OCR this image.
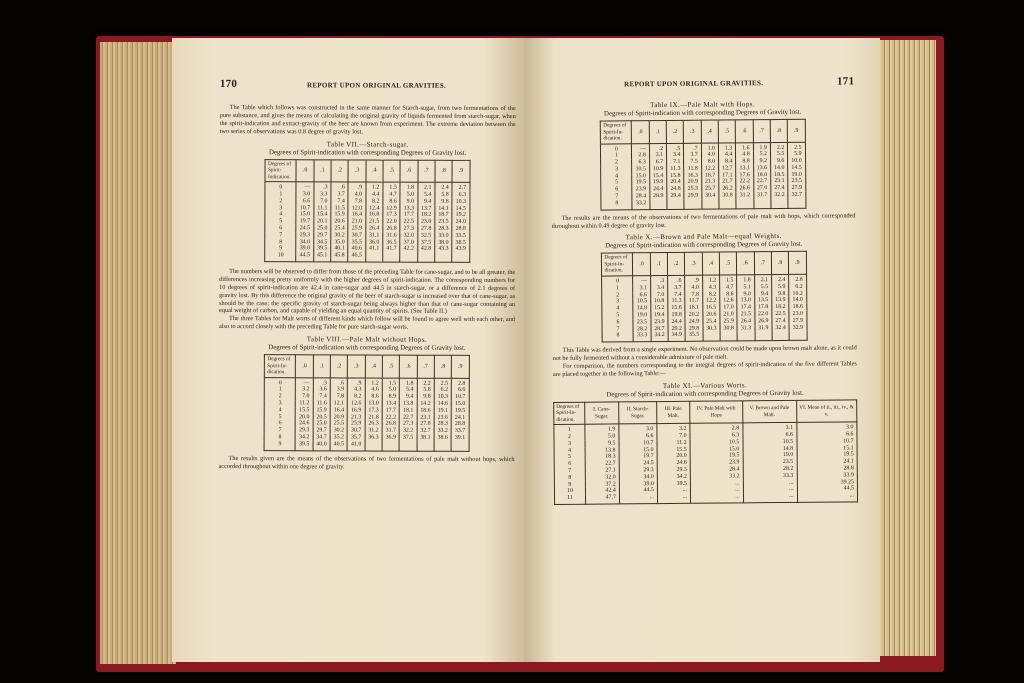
170	REPORT UPON ORIGINAL GRAVITIES.

The Table which follows was constructed in the same manner for Starch-sugar, from two fermentations of the pure substance, and gives the means of calculating the original gravity of liquids fermented from starch-sugar, when the spirit-indication and extract-gravity of the beer are known from experiment. The extreme deviation between the two series of observations was 0.8 degree of gravity lost.

Table VII.—Starch-sugar.
Degrees of Spirit-indication with corresponding Degrees of Gravity lost.
Degrees of Spirit-Indication.	.0	.1	.2	.3	.4	.5	.6	.7	.8	.9
0	—	.3	.6	.9	1.2	1.5	1.8	2.1	2.4	2.7
1	3.0	3.3	3.7	4.0	4.4	4.7	5.0	5.4	5.8	6.3
2	6.6	7.0	7.4	7.8	8.2	8.6	9.0	9.4	9.8	10.3
3	10.7	11.1	11.5	12.0	12.4	12.9	13.3	13.7	14.1	14.5
4	15.0	15.4	15.9	16.4	16.8	17.3	17.7	18.2	18.7	19.2
5	19.7	20.1	20.6	21.0	21.5	22.0	22.5	23.0	23.5	24.0
6	24.5	25.0	25.4	25.9	26.4	26.8	27.3	27.8	28.3	28.8
7	29.3	29.7	30.2	30.7	31.1	31.6	32.0	32.5	33.0	33.5
8	34.0	34.5	35.0	35.5	36.0	36.5	37.0	37.5	38.0	38.5
9	39.0	39.5	40.1	40.6	41.1	41.7	42.2	42.8	43.3	43.9
10	44.5	45.1	45.8	46.5						

The numbers will be observed to differ from those of the preceding Table for cane-sugar, and to be all greater, the differences increasing pretty uniformly with the higher degrees of spirit-indication. The corresponding numbers for 10 degrees of spirit-indication are 42.4 in cane-sugar and 44.5 in starch-sugar, or a difference of 2.1 degrees of gravity lost. By this difference the original gravity of the beer of starch-sugar is increased over that of cane-sugar, as should be the case; the specific gravity of starch-sugar being always higher than that of cane-sugar containing an equal weight of carbon, and capable of yielding an equal quantity of spirits. (See Table II.)

The three Tables for Malt worts of different kinds which follow will be found to agree well with each other, and also to accord closely with the preceding Table for pure starch-sugar worts.

Table VIII.—Pale Malt without Hops.
Degrees of Spirit-indication with corresponding Degrees of Gravity lost.
Degrees of Spirit-In-dication.	.0	.1	.2	.3	.4	.5	.6	.7	.8	.9
0	—	.3	.6	.9	1.2	1.5	1.8	2.2	2.5	2.8
1	3.2	3.6	3.9	4.3	4.6	5.0	5.4	5.8	6.2	6.6
2	7.0	7.4	7.8	8.2	8.6	8.9	9.4	9.8	10.3	10.7
3	11.2	11.6	12.1	12.6	13.0	13.4	13.8	14.2	14.6	15.0
4	15.5	15.9	16.4	16.9	17.3	17.7	18.1	18.6	19.1	19.5
5	20.0	20.5	20.9	21.3	21.8	22.2	22.7	23.1	23.6	24.1
6	24.6	25.0	25.5	25.9	26.3	26.8	27.3	27.8	28.3	28.8
7	29.3	29.7	30.2	30.7	31.2	31.7	32.2	32.7	33.2	33.7
8	34.2	34.7	35.2	35.7	36.3	36.9	37.5	38.1	38.6	39.1
9	39.5	40.0	40.5	41.0						

The results given are the means of the observations of two fermentations of pale malt without hops, which accorded throughout within one degree of gravity.

REPORT UPON ORIGINAL GRAVITIES.	171
Table IX.—Pale Malt with Hops.
Degrees of Spirit-indication with corresponding Degrees of Gravity lost.
Degrees of Spirit-In-dication.	.0	.1	.2	.3	.4	.5	.6	.7	.8	.9
0	—	.2	.5	.7	1.0	1.3	1.6	1.9	2.2	2.5
1	2.8	3.1	3.4	3.7	4.0	4.4	4.8	5.2	5.5	5.9
2	6.3	6.7	7.1	7.5	8.0	8.4	8.8	9.2	9.6	10.0
3	10.5	10.9	11.3	11.8	12.2	12.7	13.1	13.6	14.0	14.5
4	15.0	15.4	15.8	16.3	16.7	17.1	17.6	18.0	18.5	19.0
5	19.5	19.9	20.4	20.9	21.3	21.7	22.2	22.7	23.1	23.5
6	23.9	24.4	24.8	25.3	25.7	26.2	26.6	27.0	27.4	27.9
7	28.4	28.9	29.4	29.9	30.4	30.8	31.2	31.7	32.2	32.7
8	33.2									

The results are the means of the observations of two fermentations of pale malt with hops, which corresponded throughout within 0.49 degree of gravity lost.

Table X.—Brown and Pale Malt—equal Weights.
Degrees of Spirit-indication with corresponding Degrees of Gravity lost.
Degrees of Spirit-In-dication.	.0	.1	.2	.3	.4	.5	.6	.7	.8	.9
0	—	.3	.6	.9	1.2	1.5	1.8	2.1	2.4	2.8
1	3.1	3.4	3.7	4.0	4.3	4.7	5.1	5.5	5.9	6.2
2	6.6	7.0	7.4	7.8	8.2	8.6	9.0	9.4	9.8	10.2
3	10.5	10.8	11.3	11.7	12.2	12.6	13.0	13.5	13.9	14.0
4	14.8	15.2	15.6	16.1	16.5	17.0	17.4	17.8	18.2	18.6
5	19.0	19.4	19.8	20.2	20.6	21.0	21.5	22.0	22.5	23.0
6	23.5	23.9	24.4	24.9	25.4	25.9	26.4	26.9	27.4	27.9
7	28.2	28.7	29.2	29.8	30.3	30.8	31.3	31.9	32.4	32.9
8	33.3	34.2	34.9	35.5						

This Table was derived from a single experiment. No observation could be made upon brown malt alone, as it could not be fully fermented without a considerable admixture of pale malt.

For comparison, the numbers corresponding to the integral degrees of spirit-indication of the five different Tables are placed together in the following Table:—

Table XI.—Various Worts.
Degrees of Spirit-indication with corresponding Degrees of Gravity lost.
Degrees of Spirit-In-dication.	I. Cane-Sugar.	II. Starch-Sugar.	III. Pale Malt.	IV. Pale Malt with Hops	V. Brown and Pale Malt.	VI. Mean of ii., iii., iv., & v.
1	1.9	3.0	3.2	2.8	3.1	3.0
2	5.0	6.6	7.0	6.3	6.6	6.6
3	9.5	10.7	11.2	10.5	10.5	10.7
4	13.8	15.0	15.5	15.0	14.8	15.1
5	18.3	19.7	20.0	19.5	19.0	19.5
6	22.7	24.5	24.6	23.9	23.5	24.1
7	27.1	29.3	29.3	28.4	28.2	28.8
8	32.0	34.0	34.2	33.2	33.3	33.9
9	37.2	39.0	39.5	...	...	39.25
10	42.4	44.5	...	...	...	44.5
11	47.7	...	...	...	...	...
